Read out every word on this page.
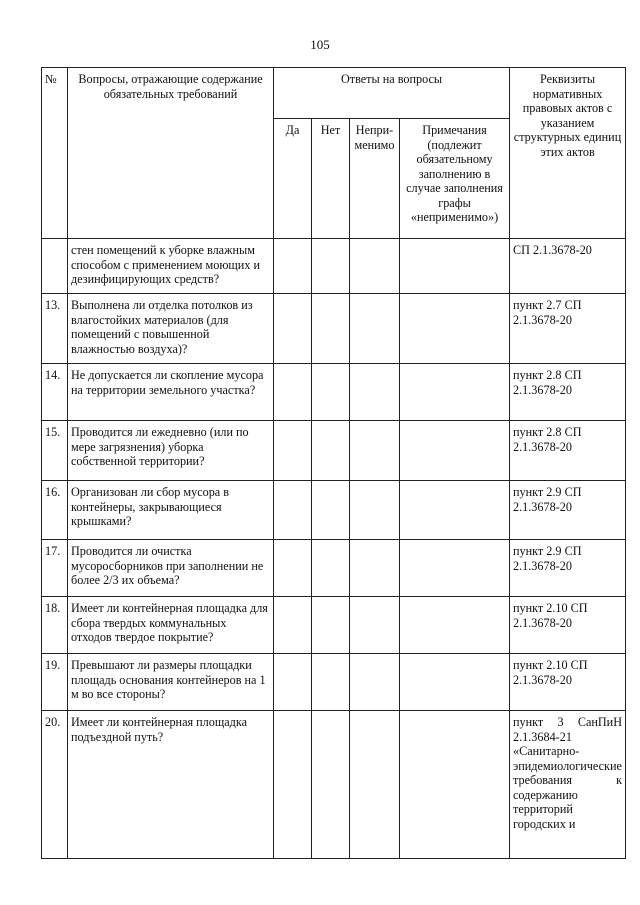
105
№	Вопросы, отражающие содержание обязательных требований	Ответы на вопросы				Реквизиты нормативных правовых актов с указанием структурных единиц этих актов
		Да	Нет	Непри-менимо	Примечания (подлежит обязательному заполнению в случае заполнения графы «неприменимо»)	
	стен помещений к уборке влажным способом с применением моющих и дезинфицирующих средств?					СП 2.1.3678-20
13.	Выполнена ли отделка потолков из влагостойких материалов (для помещений с повышенной влажностью воздуха)?					пункт 2.7 СП 2.1.3678-20
14.	Не допускается ли скопление мусора на территории земельного участка?					пункт 2.8 СП 2.1.3678-20
15.	Проводится ли ежедневно (или по мере загрязнения) уборка собственной территории?					пункт 2.8 СП 2.1.3678-20
16.	Организован ли сбор мусора в контейнеры, закрывающиеся крышками?					пункт 2.9 СП 2.1.3678-20
17.	Проводится ли очистка мусоросборников при заполнении не более 2/3 их объема?					пункт 2.9 СП 2.1.3678-20
18.	Имеет ли контейнерная площадка для сбора твердых коммунальных отходов твердое покрытие?					пункт 2.10 СП 2.1.3678-20
19.	Превышают ли размеры площадки площадь основания контейнеров на 1 м во все стороны?					пункт 2.10 СП 2.1.3678-20
20.	Имеет ли контейнерная площадка подъездной путь?					пункт 3 СанПиН 2.1.3684-21 «Санитарно-эпидемиологические требования к содержанию территорий городских и
